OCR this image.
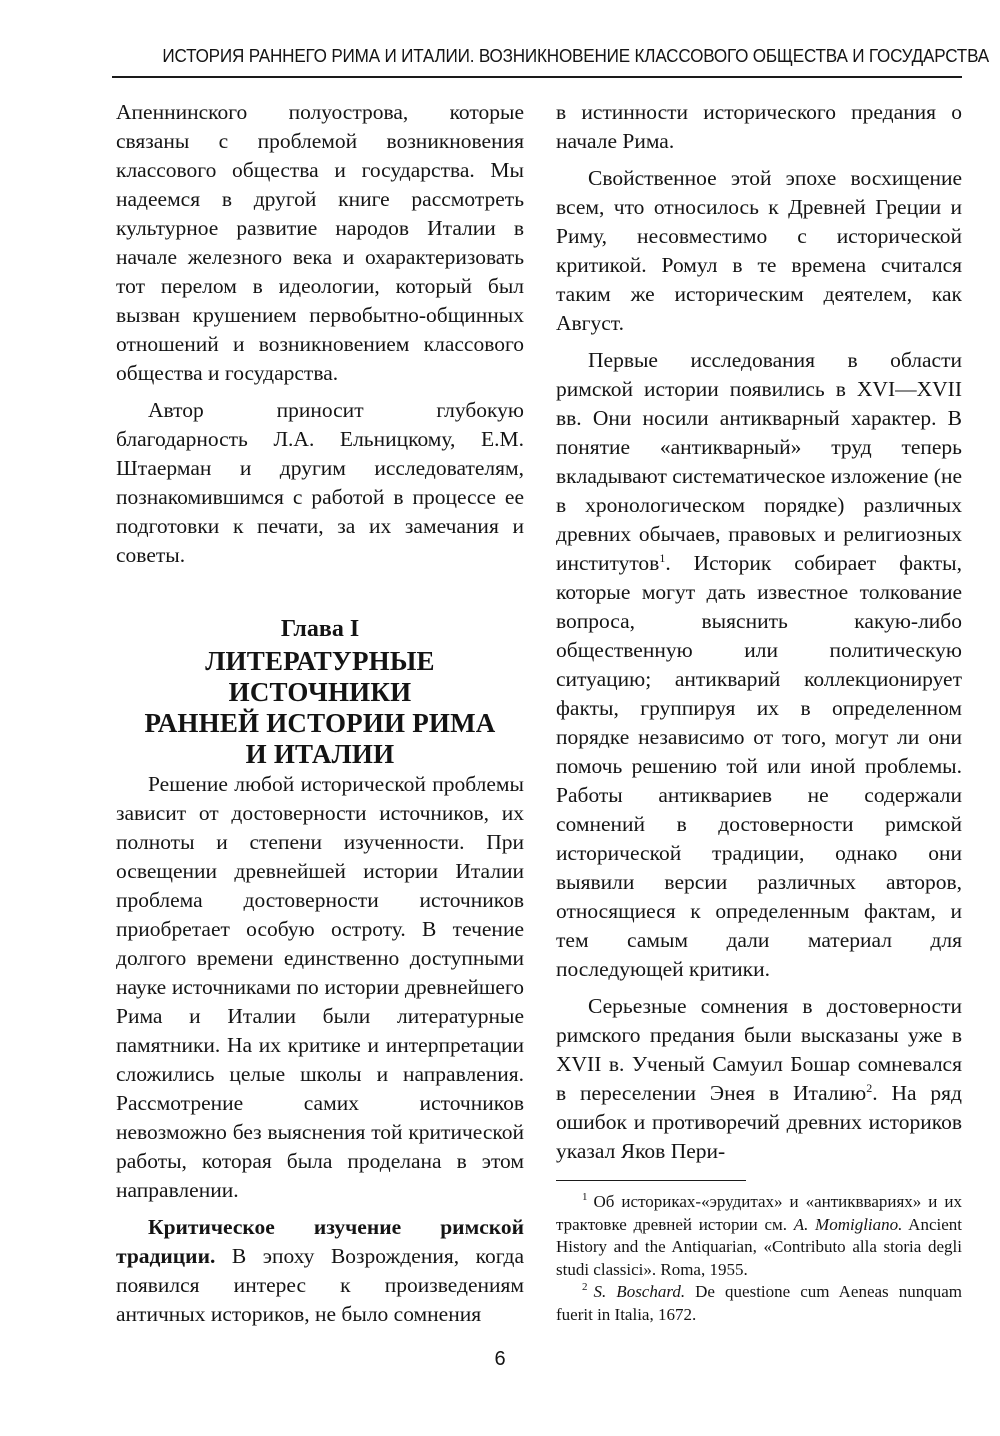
ИСТОРИЯ РАННЕГО РИМА И ИТАЛИИ. ВОЗНИКНОВЕНИЕ КЛАССОВОГО ОБЩЕСТВА И ГОСУДАРСТВА

Апеннинского полуострова, которые связаны с проблемой возникновения классового общества и государства. Мы надеемся в другой книге рассмотреть культурное развитие народов Италии в начале железного века и охарактеризовать тот перелом в идеологии, который был вызван крушением первобытно-общинных отношений и возникновением классового общества и государства.

Автор приносит глубокую благодарность Л.А. Ельницкому, Е.М. Штаерман и другим исследователям, познакомившимся с работой в процессе ее подготовки к печати, за их замечания и советы.

Глава I
ЛИТЕРАТУРНЫЕ
ИСТОЧНИКИ
РАННЕЙ ИСТОРИИ РИМА
И ИТАЛИИ

Решение любой исторической проблемы зависит от достоверности источников, их полноты и степени изученности. При освещении древнейшей истории Италии проблема достоверности источников приобретает особую остроту. В течение долгого времени единственно доступными науке источниками по истории древнейшего Рима и Италии были литературные памятники. На их критике и интерпретации сложились целые школы и направления. Рассмотрение самих источников невозможно без выяснения той критической работы, которая была проделана в этом направлении.

Критическое изучение римской традиции. В эпоху Возрождения, когда появился интерес к произведениям античных историков, не было сомнения

в истинности исторического предания о начале Рима.

Свойственное этой эпохе восхищение всем, что относилось к Древней Греции и Риму, несовместимо с исторической критикой. Ромул в те времена считался таким же историческим деятелем, как Август.

Первые исследования в области римской истории появились в XVI—XVII вв. Они носили антикварный характер. В понятие «антикварный» труд теперь вкладывают систематическое изложение (не в хронологическом порядке) различных древних обычаев, правовых и религиозных институтов$^1$. Историк собирает факты, которые могут дать известное толкование вопроса, выяснить какую-либо общественную или политическую ситуацию; антикварий коллекционирует факты, группируя их в определенном порядке независимо от того, могут ли они помочь решению той или иной проблемы. Работы антиквариев не содержали сомнений в достоверности римской исторической традиции, однако они выявили версии различных авторов, относящиеся к определенным фактам, и тем самым дали материал для последующей критики.

Серьезные сомнения в достоверности римского предания были высказаны уже в XVII в. Ученый Самуил Бошар сомневался в переселении Энея в Италию$^2$. На ряд ошибок и противоречий древних историков указал Яков Пери-

$^1$ Об историках-«эрудитах» и «антикввариях» и их трактовке древней истории см. A. Momigliano. Ancient History and the Antiquarian, «Contributo alla storia degli studi classici». Roma, 1955.

$^2$ S. Boschard. De questione cum Aeneas nunquam fuerit in Italia, 1672.

6
